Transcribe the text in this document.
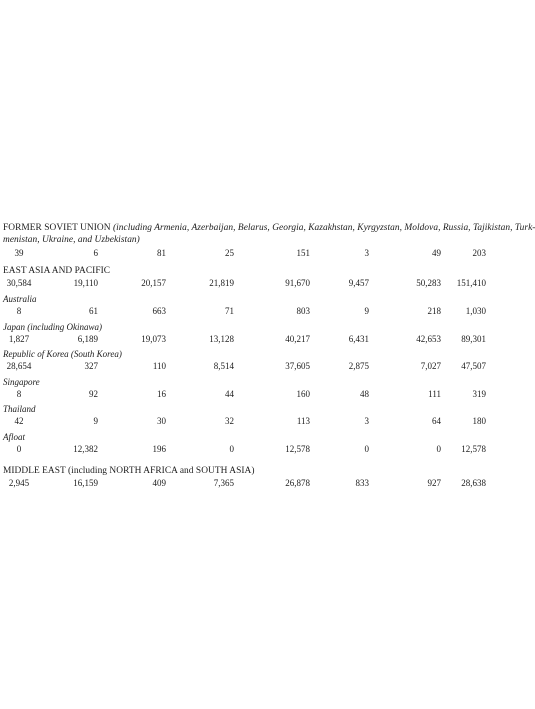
FORMER SOVIET UNION (including Armenia, Azerbaijan, Belarus, Georgia, Kazakhstan, Kyrgyzstan, Moldova, Russia, Tajikistan, Turk-
menistan, Ukraine, and Uzbekistan)
39	6	81	25	151	3	49	203
EAST ASIA AND PACIFIC
30,584	19,110	20,157	21,819	91,670	9,457	50,283	151,410
Australia
8	61	663	71	803	9	218	1,030
Japan (including Okinawa)
1,827	6,189	19,073	13,128	40,217	6,431	42,653	89,301
Republic of Korea (South Korea)
28,654	327	110	8,514	37,605	2,875	7,027	47,507
Singapore
8	92	16	44	160	48	111	319
Thailand
42	9	30	32	113	3	64	180
Afloat
0	12,382	196	0	12,578	0	0	12,578
MIDDLE EAST (including NORTH AFRICA and SOUTH ASIA)
2,945	16,159	409	7,365	26,878	833	927	28,638
